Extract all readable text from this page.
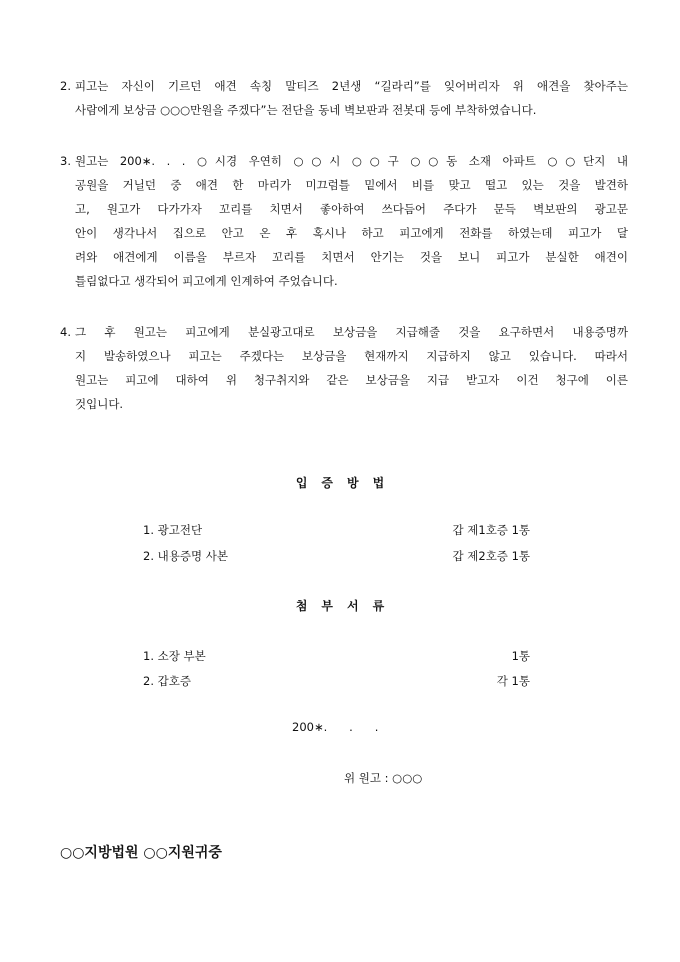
2. 피고는 자신이 기르던 애견 속칭 말티즈 2년생 “길라리”를 잊어버리자 위 애견을 찾아주는
사람에게 보상금 ○○○만원을 주겠다”는 전단을 동네 벽보판과 전봇대 등에 부착하였습니다.
3. 원고는 200∗. . . ○시경 우연히 ○○시 ○○구 ○○동 소재 아파트 ○○단지 내
공원을 거닐던 중 애견 한 마리가 미끄럼틀 밑에서 비를 맞고 떨고 있는 것을 발견하
고, 원고가 다가가자 꼬리를 치면서 좋아하여 쓰다듬어 주다가 문득 벽보판의 광고문
안이 생각나서 집으로 안고 온 후 혹시나 하고 피고에게 전화를 하였는데 피고가 달
려와 애견에게 이름을 부르자 꼬리를 치면서 안기는 것을 보니 피고가 분실한 애견이
틀림없다고 생각되어 피고에게 인계하여 주었습니다.
4. 그 후 원고는 피고에게 분실광고대로 보상금을 지급해줄 것을 요구하면서 내용증명까
지 발송하였으나 피고는 주겠다는 보상금을 현재까지 지급하지 않고 있습니다. 따라서
원고는 피고에 대하여 위 청구취지와 같은 보상금을 지급 받고자 이건 청구에 이른
것입니다.
입증방법
1. 광고전단	갑 제1호증 1통
2. 내용증명 사본	갑 제2호증 1통
첨부서류
1. 소장 부본	1통
2. 갑호증	각 1통
200∗.      .      .
위 원고 : ○○○
○○지방법원 ○○지원귀중
